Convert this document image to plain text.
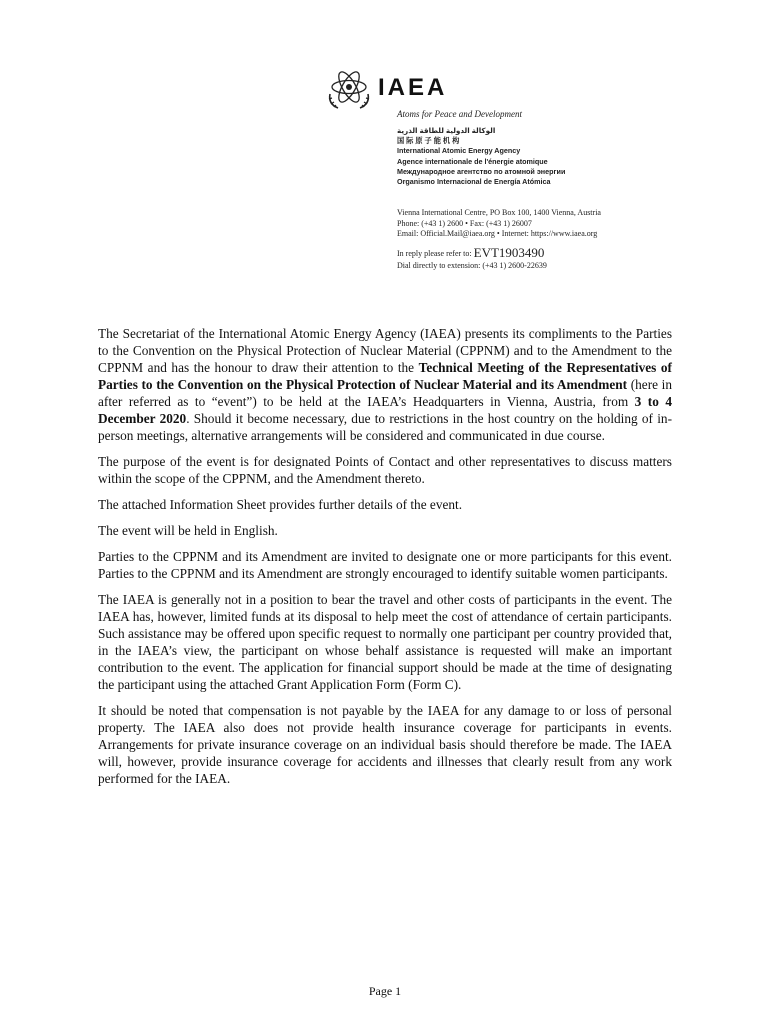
IAEA
Atoms for Peace and Development
الوكالة الدولية للطاقة الذرية
国 际 原 子 能 机 构
International Atomic Energy Agency
Agence internationale de l'énergie atomique
Международное агентство по атомной энергии
Organismo Internacional de Energía Atómica
Vienna International Centre, PO Box 100, 1400 Vienna, Austria
Phone: (+43 1) 2600 • Fax: (+43 1) 26007
Email: Official.Mail@iaea.org • Internet: https://www.iaea.org
In reply please refer to: EVT1903490
Dial directly to extension: (+43 1) 2600-22639

The Secretariat of the International Atomic Energy Agency (IAEA) presents its compliments to the Parties to the Convention on the Physical Protection of Nuclear Material (CPPNM) and to the Amendment to the CPPNM and has the honour to draw their attention to the Technical Meeting of the Representatives of Parties to the Convention on the Physical Protection of Nuclear Material and its Amendment (here in after referred as to “event”) to be held at the IAEA’s Headquarters in Vienna, Austria, from 3 to 4 December 2020. Should it become necessary, due to restrictions in the host country on the holding of in-person meetings, alternative arrangements will be considered and communicated in due course.

The purpose of the event is for designated Points of Contact and other representatives to discuss matters within the scope of the CPPNM, and the Amendment thereto.

The attached Information Sheet provides further details of the event.

The event will be held in English.

Parties to the CPPNM and its Amendment are invited to designate one or more participants for this event. Parties to the CPPNM and its Amendment are strongly encouraged to identify suitable women participants.

The IAEA is generally not in a position to bear the travel and other costs of participants in the event. The IAEA has, however, limited funds at its disposal to help meet the cost of attendance of certain participants. Such assistance may be offered upon specific request to normally one participant per country provided that, in the IAEA’s view, the participant on whose behalf assistance is requested will make an important contribution to the event. The application for financial support should be made at the time of designating the participant using the attached Grant Application Form (Form C).

It should be noted that compensation is not payable by the IAEA for any damage to or loss of personal property. The IAEA also does not provide health insurance coverage for participants in events. Arrangements for private insurance coverage on an individual basis should therefore be made. The IAEA will, however, provide insurance coverage for accidents and illnesses that clearly result from any work performed for the IAEA.

Page 1
